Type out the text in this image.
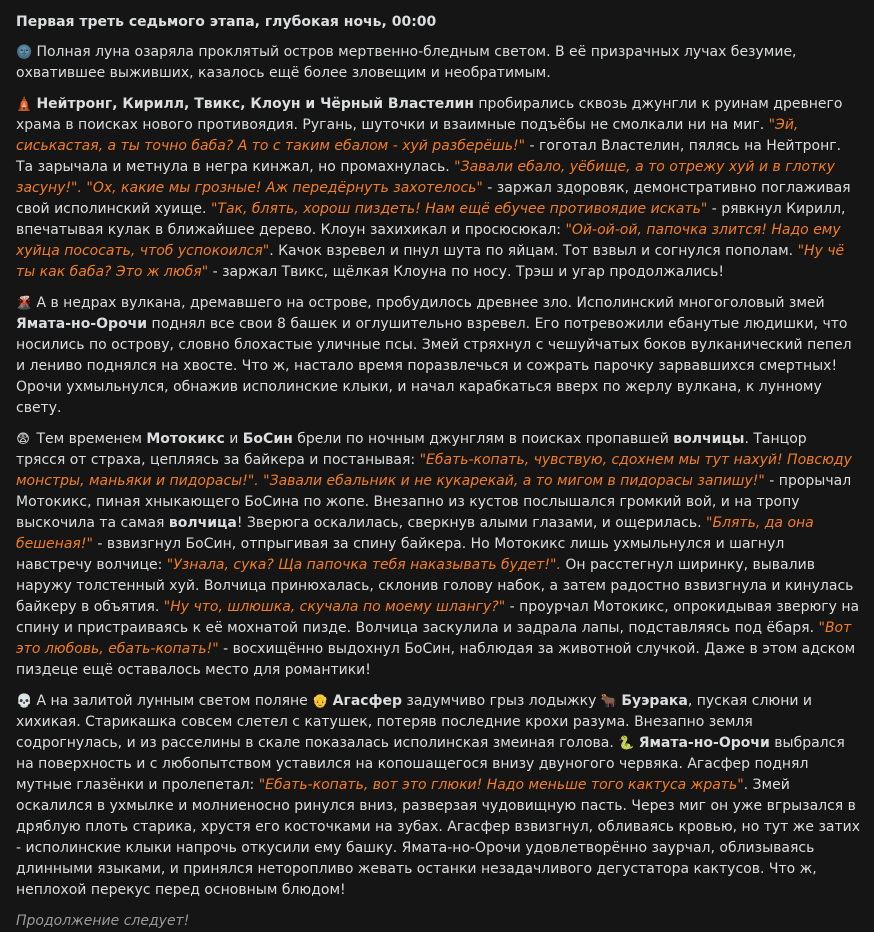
Первая треть седьмого этапа, глубокая ночь, 00:00
🌚 Полная луна озаряла проклятый остров мертвенно-бледным светом. В её призрачных лучах безумие, охватившее выживших, казалось ещё более зловещим и необратимым.
🛕 Нейтронг, Кирилл, Твикс, Клоун и Чёрный Властелин пробирались сквозь джунгли к руинам древнего храма в поисках нового противоядия. Ругань, шуточки и взаимные подъёбы не смолкали ни на миг. "Эй, сиськастая, а ты точно баба? А то с таким ебалом - хуй разберёшь!" - гоготал Властелин, пялясь на Нейтронг. Та зарычала и метнула в негра кинжал, но промахнулась. "Завали ебало, уёбище, а то отрежу хуй и в глотку засуну!". "Ох, какие мы грозные! Аж передёрнуть захотелось" - заржал здоровяк, демонстративно поглаживая свой исполинский хуище. "Так, блять, хорош пиздеть! Нам ещё ебучее противоядие искать" - рявкнул Кирилл, впечатывая кулак в ближайшее дерево. Клоун захихикал и просюсюкал: "Ой-ой-ой, папочка злится! Надо ему хуйца пососать, чтоб успокоился". Качок взревел и пнул шута по яйцам. Тот взвыл и согнулся пополам. "Ну чё ты как баба? Это ж любя" - заржал Твикс, щёлкая Клоуна по носу. Трэш и угар продолжались!
🌋 А в недрах вулкана, дремавшего на острове, пробудилось древнее зло. Исполинский многоголовый змей Ямата-но-Орочи поднял все свои 8 башек и оглушительно взревел. Его потревожили ебанутые людишки, что носились по острову, словно блохастые уличные псы. Змей стряхнул с чешуйчатых боков вулканический пепел и лениво поднялся на хвосте. Что ж, настало время поразвлечься и сожрать парочку зарвавшихся смертных! Орочи ухмыльнулся, обнажив исполинские клыки, и начал карабкаться вверх по жерлу вулкана, к лунному свету.
😨 Тем временем Мотокикс и БоСин брели по ночным джунглям в поисках пропавшей волчицы. Танцор трясся от страха, цепляясь за байкера и постанывая: "Ебать-копать, чувствую, сдохнем мы тут нахуй! Повсюду монстры, маньяки и пидорасы!". "Завали ебальник и не кукарекай, а то мигом в пидорасы запишу!" - прорычал Мотокикс, пиная хныкающего БоСина по жопе. Внезапно из кустов послышался громкий вой, и на тропу выскочила та самая волчица! Зверюга оскалилась, сверкнув алыми глазами, и ощерилась. "Блять, да она бешеная!" - взвизгнул БоСин, отпрыгивая за спину байкера. Но Мотокикс лишь ухмыльнулся и шагнул навстречу волчице: "Узнала, сука? Ща папочка тебя наказывать будет!". Он расстегнул ширинку, вывалив наружу толстенный хуй. Волчица принюхалась, склонив голову набок, а затем радостно взвизгнула и кинулась байкеру в объятия. "Ну что, шлюшка, скучала по моему шлангу?" - проурчал Мотокикс, опрокидывая зверюгу на спину и пристраиваясь к её мохнатой пизде. Волчица заскулила и задрала лапы, подставляясь под ёбаря. "Вот это любовь, ебать-копать!" - восхищённо выдохнул БоСин, наблюдая за животной случкой. Даже в этом адском пиздеце ещё оставалось место для романтики!
💀 А на залитой лунным светом поляне 👴 Агасфер задумчиво грыз лодыжку 🐂 Буэрака, пуская слюни и хихикая. Старикашка совсем слетел с катушек, потеряв последние крохи разума. Внезапно земля содрогнулась, и из расселины в скале показалась исполинская змеиная голова. 🐍 Ямата-но-Орочи выбрался на поверхность и с любопытством уставился на копошащегося внизу двуногого червяка. Агасфер поднял мутные глазёнки и пролепетал: "Ебать-копать, вот это глюки! Надо меньше того кактуса жрать". Змей оскалился в ухмылке и молниеносно ринулся вниз, разверзая чудовищную пасть. Через миг он уже вгрызался в дряблую плоть старика, хрустя его косточками на зубах. Агасфер взвизгнул, обливаясь кровью, но тут же затих - исполинские клыки напрочь откусили ему башку. Ямата-но-Орочи удовлетворённо заурчал, облизываясь длинными языками, и принялся неторопливо жевать останки незадачливого дегустатора кактусов. Что ж, неплохой перекус перед основным блюдом!
Продолжение следует!
